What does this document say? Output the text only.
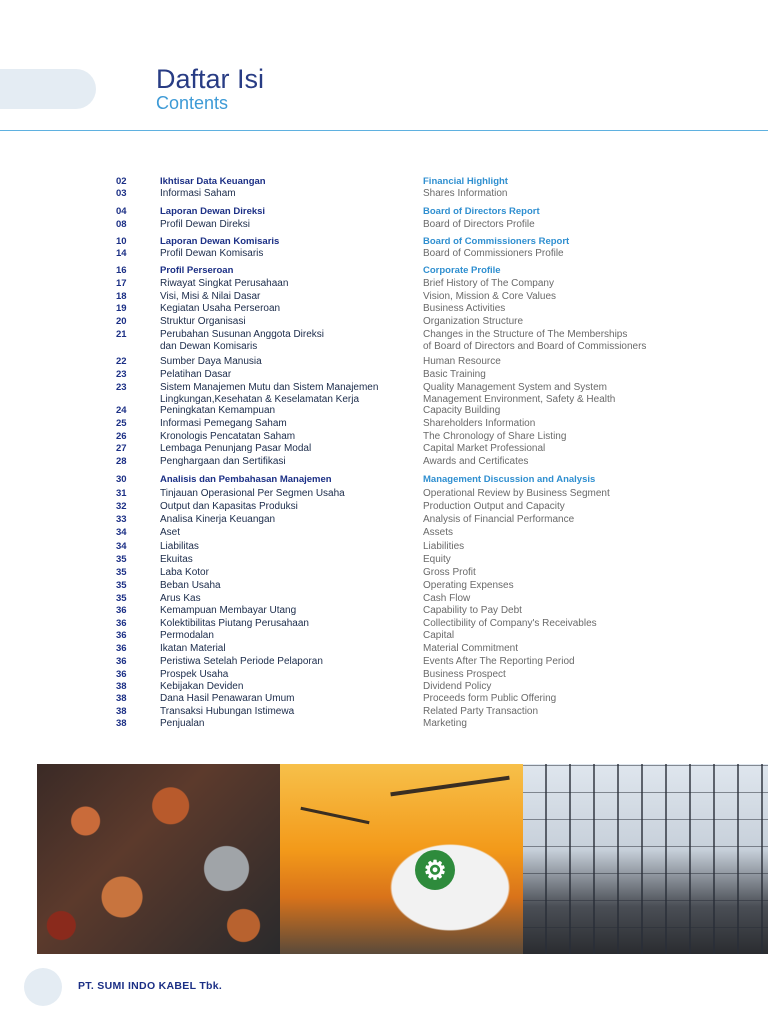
Daftar Isi
Contents
02	Ikhtisar Data Keuangan	Financial Highlight
03	Informasi Saham	Shares Information
04	Laporan Dewan Direksi	Board of Directors Report
08	Profil Dewan Direksi	Board of Directors Profile
10	Laporan Dewan Komisaris	Board of Commissioners Report
14	Profil Dewan Komisaris	Board of Commissioners Profile
16	Profil Perseroan	Corporate Profile
17	Riwayat Singkat Perusahaan	Brief History of The Company
18	Visi, Misi & Nilai Dasar	Vision, Mission & Core Values
19	Kegiatan Usaha Perseroan	Business Activities
20	Struktur Organisasi	Organization Structure
21	Perubahan Susunan Anggota Direksi	Changes in the Structure of The Memberships
dan Dewan Komisaris	of Board of Directors and Board of Commissioners
22	Sumber Daya Manusia	Human Resource
23	Pelatihan Dasar	Basic Training
23	Sistem Manajemen Mutu dan Sistem Manajemen	Quality Management System and System
Lingkungan,Kesehatan & Keselamatan Kerja	Management Environment, Safety & Health
24	Peningkatan Kemampuan	Capacity Building
25	Informasi Pemegang Saham	Shareholders Information
26	Kronologis Pencatatan Saham	The Chronology of Share Listing
27	Lembaga Penunjang Pasar Modal	Capital Market Professional
28	Penghargaan dan Sertifikasi	Awards and Certificates
30	Analisis dan Pembahasan Manajemen	Management Discussion and Analysis
31	Tinjauan Operasional Per Segmen Usaha	Operational Review by Business Segment
32	Output dan Kapasitas Produksi	Production Output and Capacity
33	Analisa Kinerja Keuangan	Analysis of Financial Performance
34	Aset	Assets
34	Liabilitas	Liabilities
35	Ekuitas	Equity
35	Laba Kotor	Gross Profit
35	Beban Usaha	Operating Expenses
35	Arus Kas	Cash Flow
36	Kemampuan Membayar Utang	Capability to Pay Debt
36	Kolektibilitas Piutang Perusahaan	Collectibility of Company's Receivables
36	Permodalan	Capital
36	Ikatan Material	Material Commitment
36	Peristiwa Setelah Periode Pelaporan	Events After The Reporting Period
36	Prospek Usaha	Business Prospect
38	Kebijakan Deviden	Dividend Policy
38	Dana Hasil Penawaran Umum	Proceeds form Public Offering
38	Transaksi Hubungan Istimewa	Related Party Transaction
38	Penjualan	Marketing
⚙
PT. SUMI INDO KABEL Tbk.
